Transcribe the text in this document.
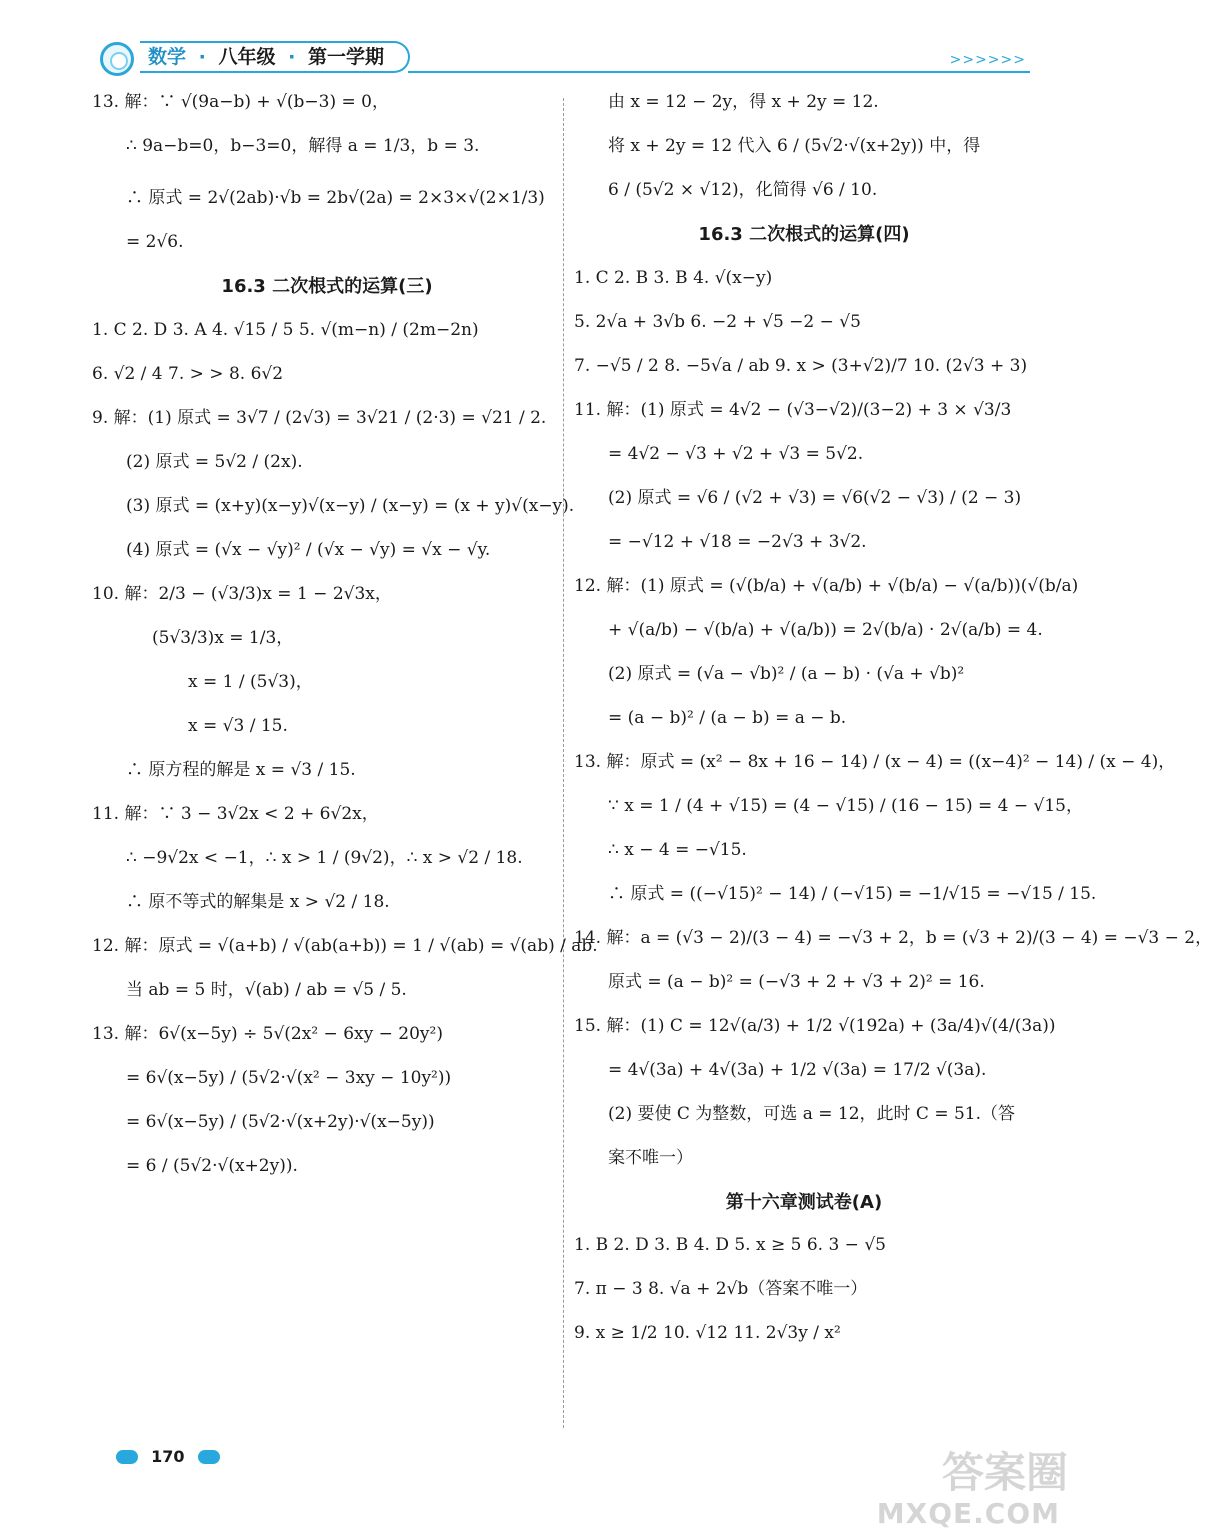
数学 · 八年级 · 第一学期	>>>>>>
13. 解：∵ √(9a−b) + √(b−3) = 0，
∴ 9a−b=0，b−3=0，解得 a = 1/3，b = 3.
∴ 原式 = 2√(2ab)·√b = 2b√(2a) = 2×3×√(2×1/3)
= 2√6.
16.3 二次根式的运算(三)
1. C 2. D 3. A 4. √15 / 5 5. √(m−n) / (2m−2n)
6. √2 / 4 7. > > 8. 6√2
9. 解：(1) 原式 = 3√7 / (2√3) = 3√21 / (2·3) = √21 / 2.
(2) 原式 = 5√2 / (2x).
(3) 原式 = (x+y)(x−y)√(x−y) / (x−y) = (x + y)√(x−y).
(4) 原式 = (√x − √y)² / (√x − √y) = √x − √y.
10. 解：2/3 − (√3/3)x = 1 − 2√3x，
(5√3/3)x = 1/3，
x = 1 / (5√3)，
x = √3 / 15.
∴ 原方程的解是 x = √3 / 15.
11. 解：∵ 3 − 3√2x < 2 + 6√2x，
∴ −9√2x < −1，∴ x > 1 / (9√2)，∴ x > √2 / 18.
∴ 原不等式的解集是 x > √2 / 18.
12. 解：原式 = √(a+b) / √(ab(a+b)) = 1 / √(ab) = √(ab) / ab.
当 ab = 5 时，√(ab) / ab = √5 / 5.
13. 解：6√(x−5y) ÷ 5√(2x² − 6xy − 20y²)
= 6√(x−5y) / (5√2·√(x² − 3xy − 10y²))
= 6√(x−5y) / (5√2·√(x+2y)·√(x−5y))
= 6 / (5√2·√(x+2y)).
由 x = 12 − 2y，得 x + 2y = 12.
将 x + 2y = 12 代入 6 / (5√2·√(x+2y)) 中，得
6 / (5√2 × √12)，化简得 √6 / 10.
16.3 二次根式的运算(四)
1. C 2. B 3. B 4. √(x−y)
5. 2√a + 3√b 6. −2 + √5 −2 − √5
7. −√5 / 2 8. −5√a / ab 9. x > (3+√2)/7 10. (2√3 + 3)
11. 解：(1) 原式 = 4√2 − (√3−√2)/(3−2) + 3 × √3/3
= 4√2 − √3 + √2 + √3 = 5√2.
(2) 原式 = √6 / (√2 + √3) = √6(√2 − √3) / (2 − 3)
= −√12 + √18 = −2√3 + 3√2.
12. 解：(1) 原式 = (√(b/a) + √(a/b) + √(b/a) − √(a/b))(√(b/a)
+ √(a/b) − √(b/a) + √(a/b)) = 2√(b/a) · 2√(a/b) = 4.
(2) 原式 = (√a − √b)² / (a − b) · (√a + √b)²
= (a − b)² / (a − b) = a − b.
13. 解：原式 = (x² − 8x + 16 − 14) / (x − 4) = ((x−4)² − 14) / (x − 4)，
∵ x = 1 / (4 + √15) = (4 − √15) / (16 − 15) = 4 − √15，
∴ x − 4 = −√15.
∴ 原式 = ((−√15)² − 14) / (−√15) = −1/√15 = −√15 / 15.
14. 解：a = (√3 − 2)/(3 − 4) = −√3 + 2，b = (√3 + 2)/(3 − 4) = −√3 − 2，
原式 = (a − b)² = (−√3 + 2 + √3 + 2)² = 16.
15. 解：(1) C = 12√(a/3) + 1/2 √(192a) + (3a/4)√(4/(3a))
= 4√(3a) + 4√(3a) + 1/2 √(3a) = 17/2 √(3a).
(2) 要使 C 为整数，可选 a = 12，此时 C = 51.（答
案不唯一）
第十六章测试卷(A)
1. B 2. D 3. B 4. D 5. x ≥ 5 6. 3 − √5
7. π − 3 8. √a + 2√b（答案不唯一）
9. x ≥ 1/2 10. √12 11. 2√3y / x²
170	答案圈
MXQE.COM
